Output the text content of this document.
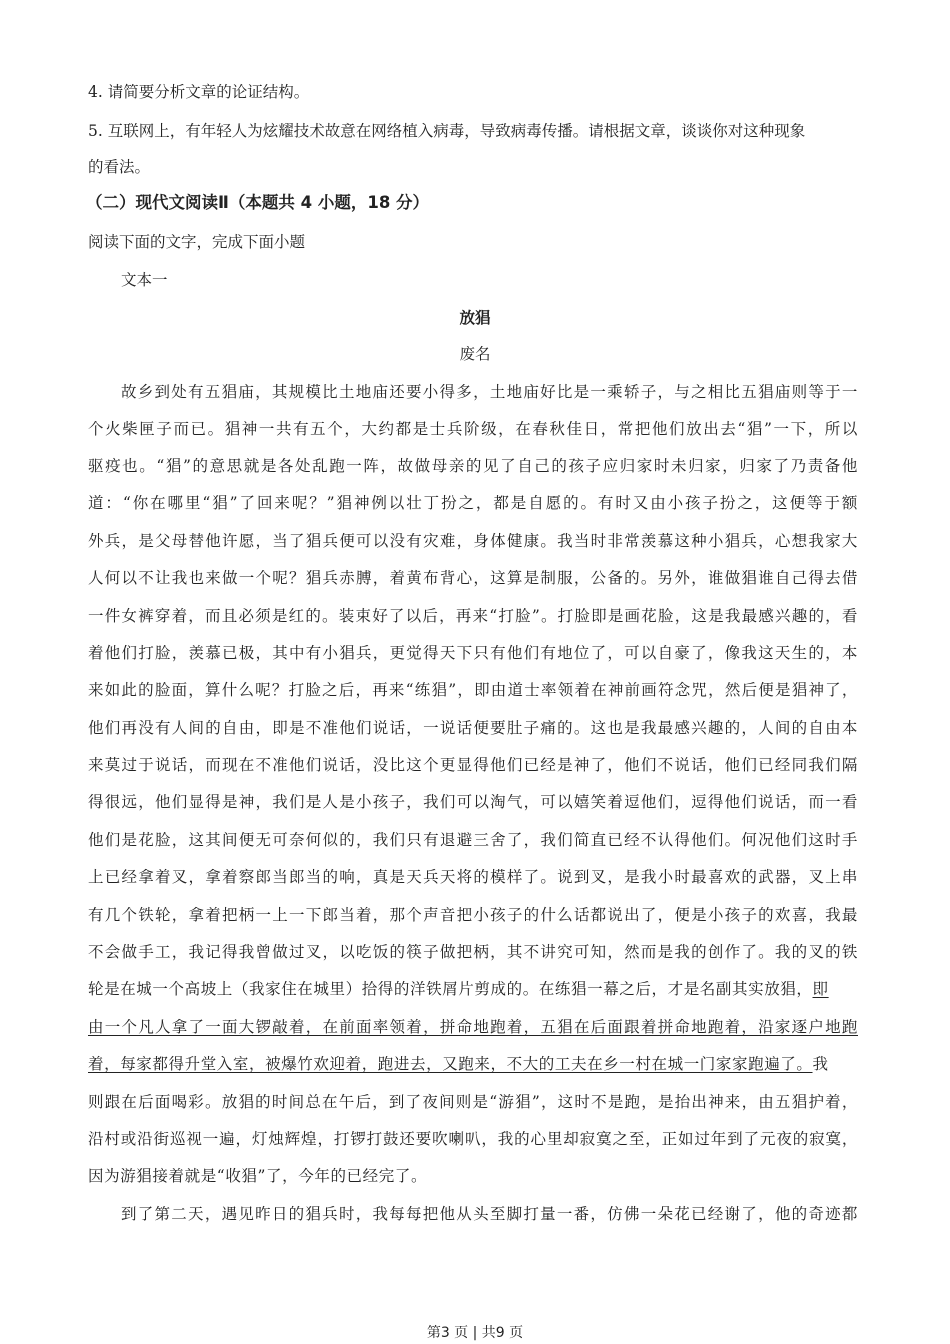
4. 请简要分析文章的论证结构。
5. 互联网上，有年轻人为炫耀技术故意在网络植入病毒，导致病毒传播。请根据文章，谈谈你对这种现象
的看法。
（二）现代文阅读Ⅱ（本题共 4 小题，18 分）
阅读下面的文字，完成下面小题
文本一
放猖
废名
故乡到处有五猖庙，其规模比土地庙还要小得多，土地庙好比是一乘轿子，与之相比五猖庙则等于一
个火柴匣子而已。猖神一共有五个，大约都是士兵阶级，在春秋佳日，常把他们放出去“猖”一下，所以
驱疫也。“猖”的意思就是各处乱跑一阵，故做母亲的见了自己的孩子应归家时未归家，归家了乃责备他
道：“你在哪里“猖”了回来呢？”猖神例以壮丁扮之，都是自愿的。有时又由小孩子扮之，这便等于额
外兵，是父母替他许愿，当了猖兵便可以没有灾难，身体健康。我当时非常羡慕这种小猖兵，心想我家大
人何以不让我也来做一个呢？猖兵赤膊，着黄布背心，这算是制服，公备的。另外，谁做猖谁自己得去借
一件女裤穿着，而且必须是红的。装束好了以后，再来“打脸”。打脸即是画花脸，这是我最感兴趣的，看
着他们打脸，羡慕已极，其中有小猖兵，更觉得天下只有他们有地位了，可以自豪了，像我这天生的，本
来如此的脸面，算什么呢？打脸之后，再来“练猖”，即由道士率领着在神前画符念咒，然后便是猖神了，
他们再没有人间的自由，即是不准他们说话，一说话便要肚子痛的。这也是我最感兴趣的，人间的自由本
来莫过于说话，而现在不准他们说话，没比这个更显得他们已经是神了，他们不说话，他们已经同我们隔
得很远，他们显得是神，我们是人是小孩子，我们可以淘气，可以嬉笑着逗他们，逗得他们说话，而一看
他们是花脸，这其间便无可奈何似的，我们只有退避三舍了，我们简直已经不认得他们。何况他们这时手
上已经拿着叉，拿着察郎当郎当的响，真是天兵天将的模样了。说到叉，是我小时最喜欢的武器，叉上串
有几个铁轮，拿着把柄一上一下郎当着，那个声音把小孩子的什么话都说出了，便是小孩子的欢喜，我最
不会做手工，我记得我曾做过叉，以吃饭的筷子做把柄，其不讲究可知，然而是我的创作了。我的叉的铁
轮是在城一个高坡上（我家住在城里）拾得的洋铁屑片剪成的。在练猖一幕之后，才是名副其实放猖，即
由一个凡人拿了一面大锣敲着，在前面率领着，拼命地跑着，五猖在后面跟着拼命地跑着，沿家逐户地跑
着，每家都得升堂入室，被爆竹欢迎着，跑进去，又跑来，不大的工夫在乡一村在城一门家家跑遍了。我
则跟在后面喝彩。放猖的时间总在午后，到了夜间则是“游猖”，这时不是跑，是抬出神来，由五猖护着，
沿村或沿街巡视一遍，灯烛辉煌，打锣打鼓还要吹喇叭，我的心里却寂寞之至，正如过年到了元夜的寂寞，
因为游猖接着就是“收猖”了，今年的已经完了。
到了第二天，遇见昨日的猖兵时，我每每把他从头至脚打量一番，仿佛一朵花已经谢了，他的奇迹都
第3 页 | 共9 页
